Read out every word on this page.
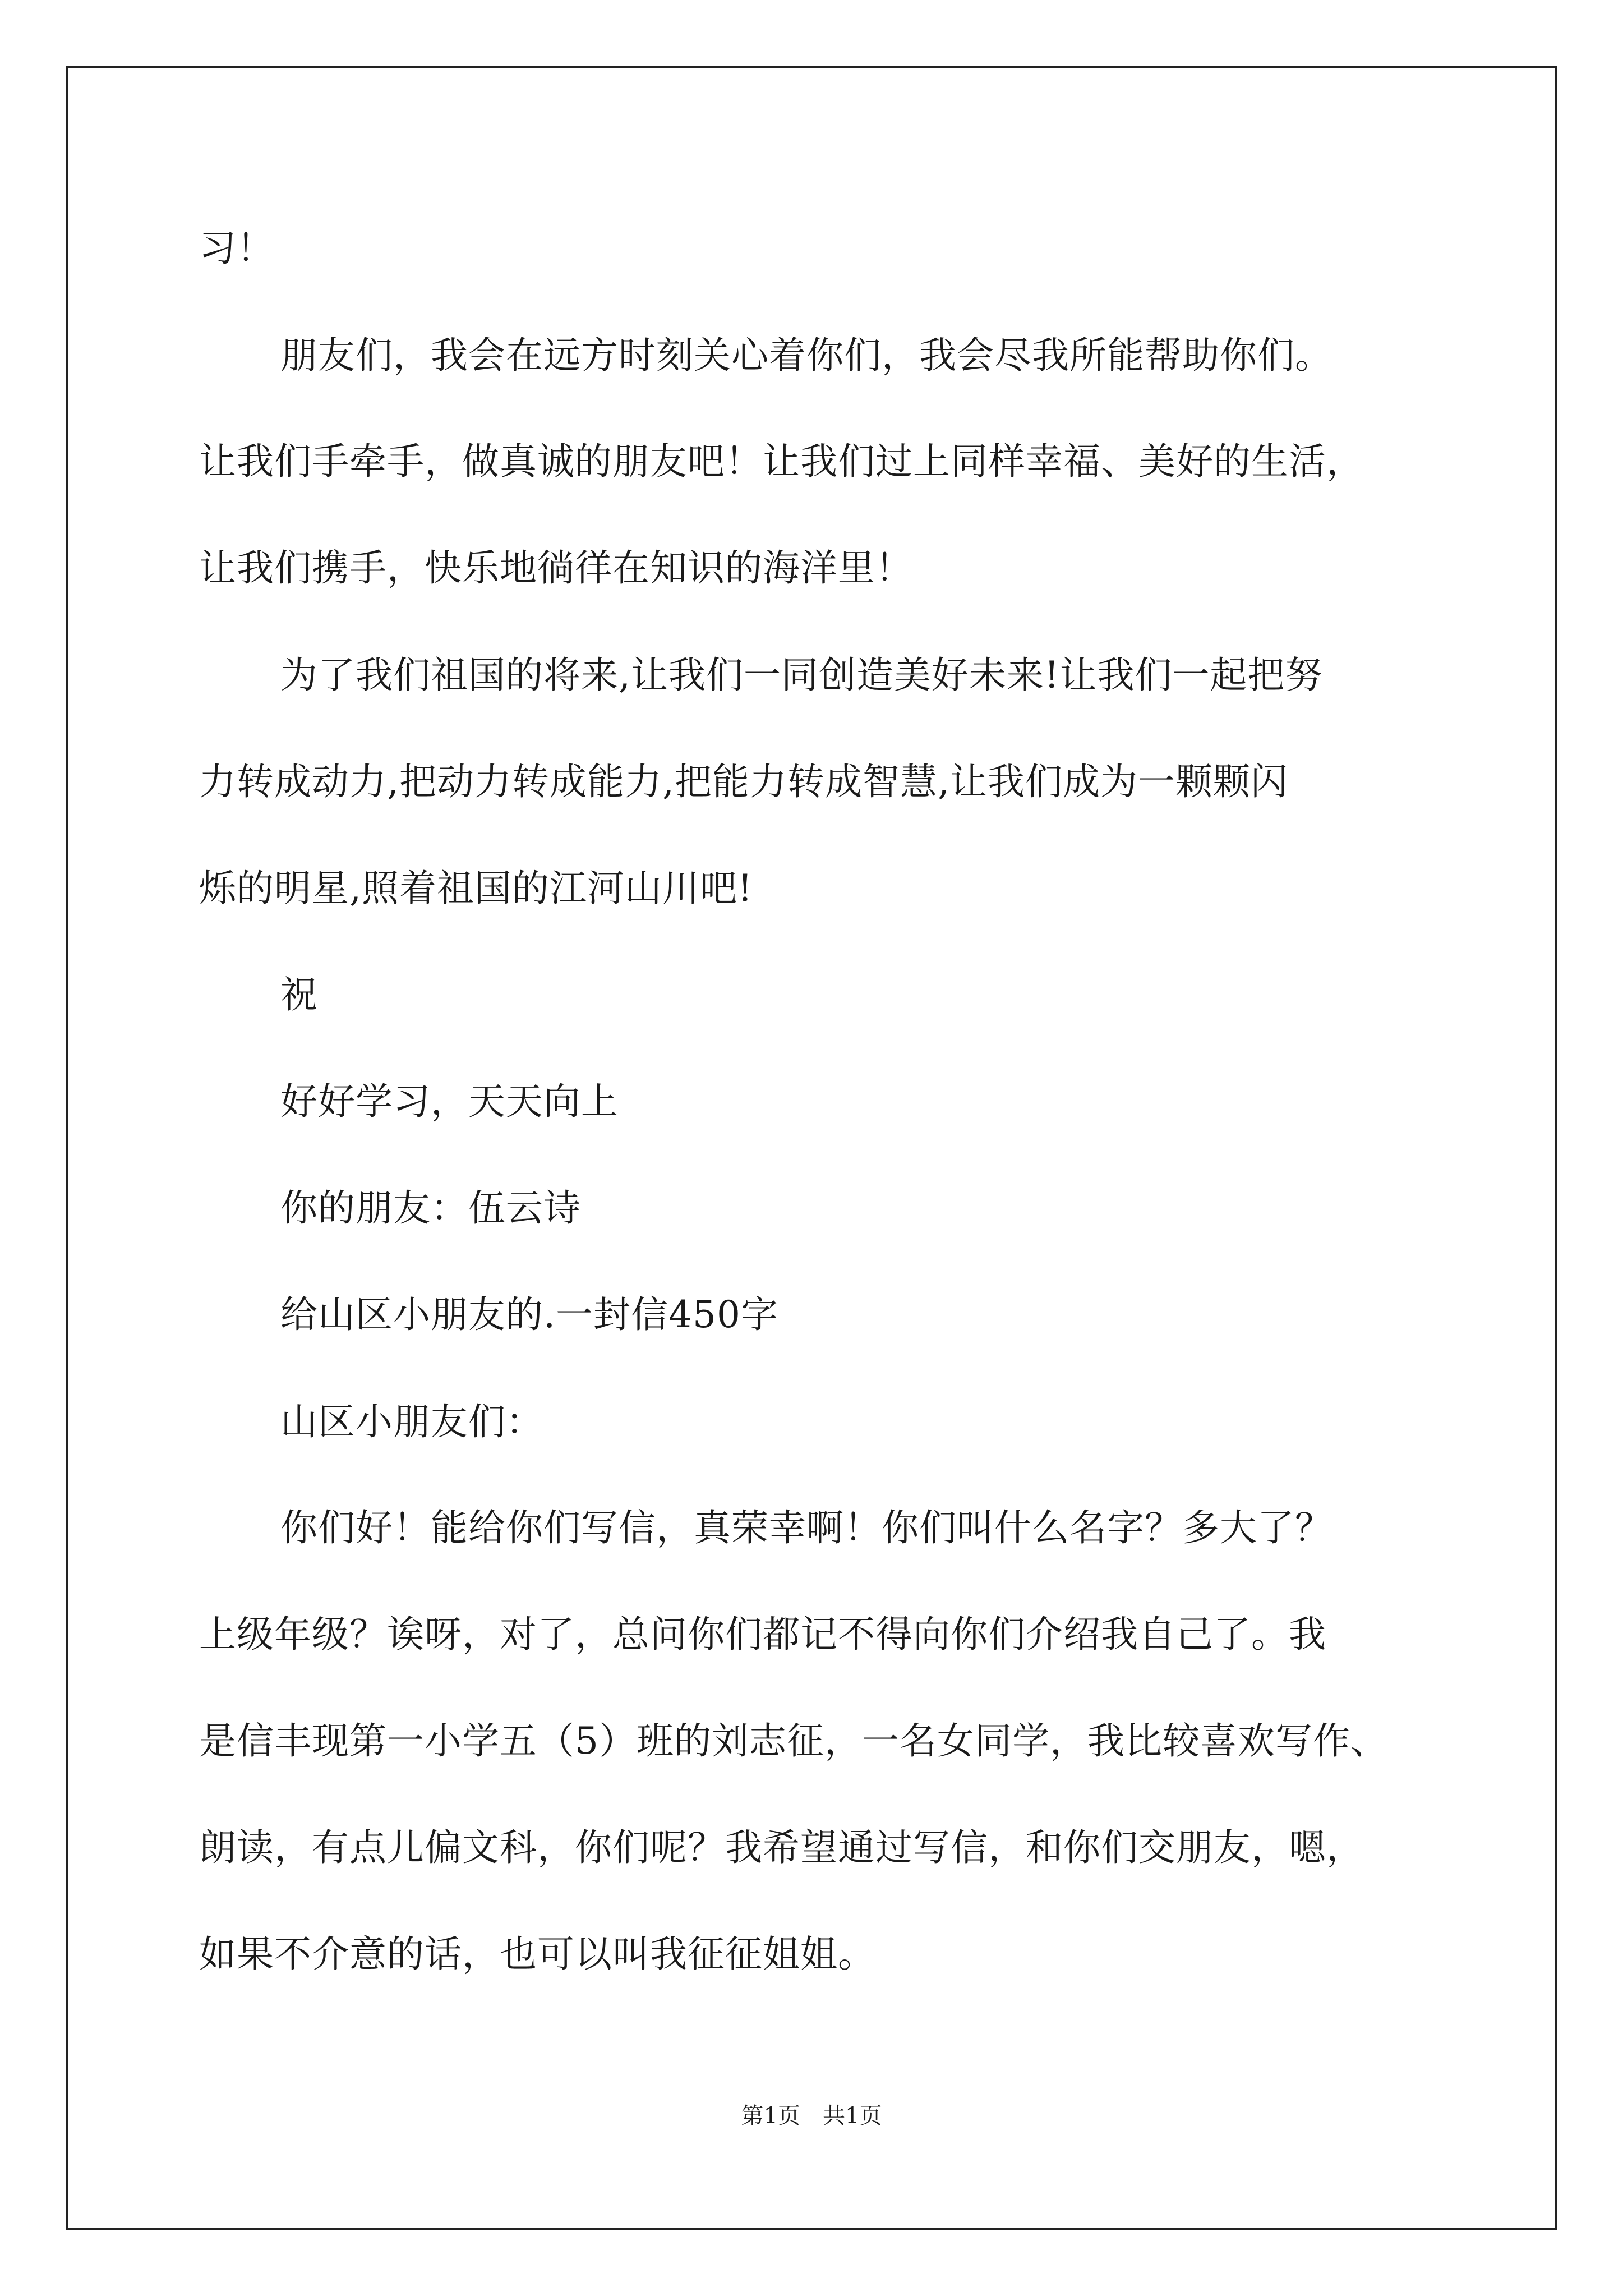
习！
朋友们，我会在远方时刻关心着你们，我会尽我所能帮助你们。
让我们手牵手，做真诚的朋友吧！让我们过上同样幸福、美好的生活，
让我们携手，快乐地徜徉在知识的海洋里！
为了我们祖国的将来,让我们一同创造美好未来!让我们一起把努
力转成动力,把动力转成能力,把能力转成智慧,让我们成为一颗颗闪
烁的明星,照着祖国的江河山川吧!
祝
好好学习，天天向上
你的朋友：伍云诗
给山区小朋友的.一封信450字
山区小朋友们：
你们好！能给你们写信，真荣幸啊！你们叫什么名字？多大了？
上级年级？诶呀，对了，总问你们都记不得向你们介绍我自己了。我
是信丰现第一小学五（5）班的刘志征，一名女同学，我比较喜欢写作、
朗读，有点儿偏文科，你们呢？我希望通过写信，和你们交朋友，嗯，
如果不介意的话，也可以叫我征征姐姐。
第1页　共1页
